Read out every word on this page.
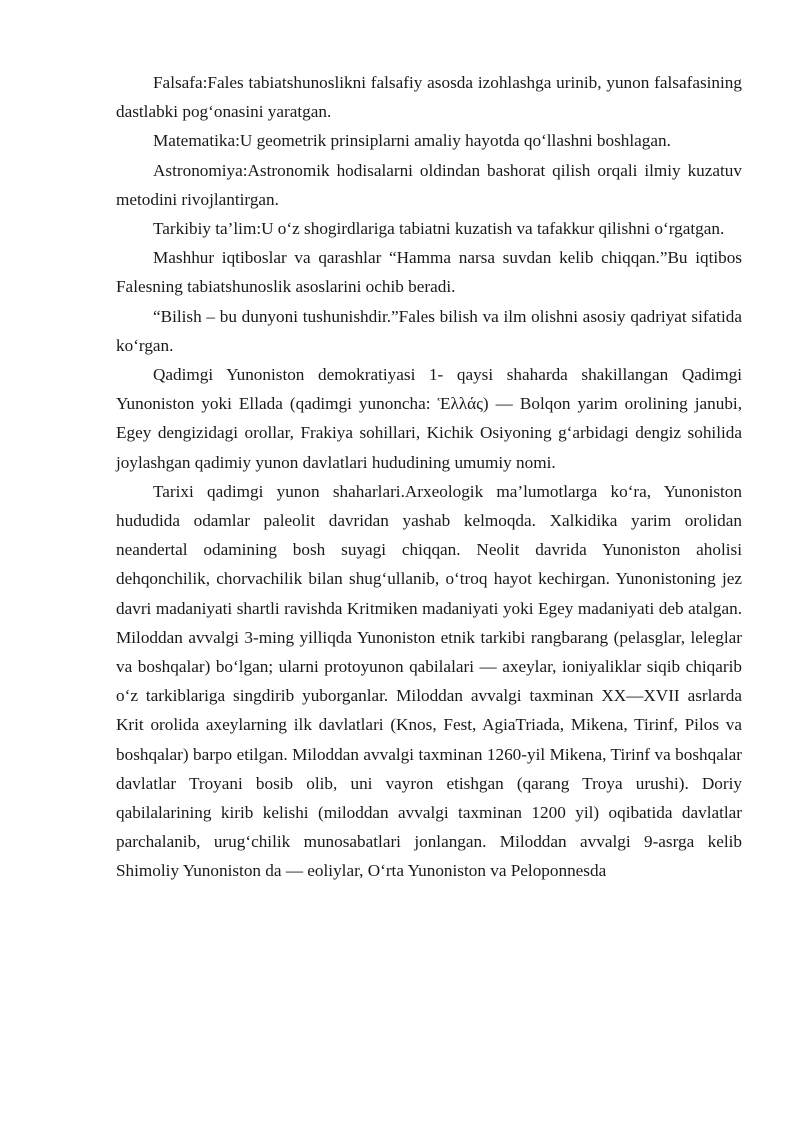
Falsafa:Fales tabiatshunoslikni falsafiy asosda izohlashga urinib, yunon falsafasining dastlabki pog‘onasini yaratgan.

Matematika:U geometrik prinsiplarni amaliy hayotda qo‘llashni boshlagan.

Astronomiya:Astronomik hodisalarni oldindan bashorat qilish orqali ilmiy kuzatuv metodini rivojlantirgan.

Tarkibiy ta’lim:U o‘z shogirdlariga tabiatni kuzatish va tafakkur qilishni o‘rgatgan.

Mashhur iqtiboslar va qarashlar “Hamma narsa suvdan kelib chiqqan.”Bu iqtibos Falesning tabiatshunoslik asoslarini ochib beradi.

“Bilish – bu dunyoni tushunishdir.”Fales bilish va ilm olishni asosiy qadriyat sifatida ko‘rgan.

Qadimgi Yunoniston demokratiyasi 1- qaysi shaharda shakillangan Qadimgi Yunoniston yoki Ellada (qadimgi yunoncha: Ἑλλάς) — Bolqon yarim orolining janubi, Egey dengizidagi orollar, Frakiya sohillari, Kichik Osiyoning g‘arbidagi dengiz sohilida joylashgan qadimiy yunon davlatlari hududining umumiy nomi.

Tarixi qadimgi yunon shaharlari.Arxeologik ma’lumotlarga ko‘ra, Yunoniston hududida odamlar paleolit davridan yashab kelmoqda. Xalkidika yarim orolidan neandertal odamining bosh suyagi chiqqan. Neolit davrida Yunoniston aholisi dehqonchilik, chorvachilik bilan shug‘ullanib, o‘troq hayot kechirgan. Yunonistoning jez davri madaniyati shartli ravishda Kritmiken madaniyati yoki Egey madaniyati deb atalgan. Miloddan avvalgi 3-ming yilliqda Yunoniston etnik tarkibi rangbarang (pelasglar, leleglar va boshqalar) bo‘lgan; ularni protoyunon qabilalari — axeylar, ioniyaliklar siqib chiqarib o‘z tarkiblariga singdirib yuborganlar. Miloddan avvalgi taxminan XX—XVII asrlarda Krit orolida axeylarning ilk davlatlari (Knos, Fest, AgiaTriada, Mikena, Tirinf, Pilos va boshqalar) barpo etilgan. Miloddan avvalgi taxminan 1260-yil Mikena, Tirinf va boshqalar davlatlar Troyani bosib olib, uni vayron etishgan (qarang Troya urushi). Doriy qabilalarining kirib kelishi (miloddan avvalgi taxminan 1200 yil) oqibatida davlatlar parchalanib, urug‘chilik munosabatlari jonlangan. Miloddan avvalgi 9-asrga kelib Shimoliy Yunoniston da — eoliylar, O‘rta Yunoniston va Peloponnesda
